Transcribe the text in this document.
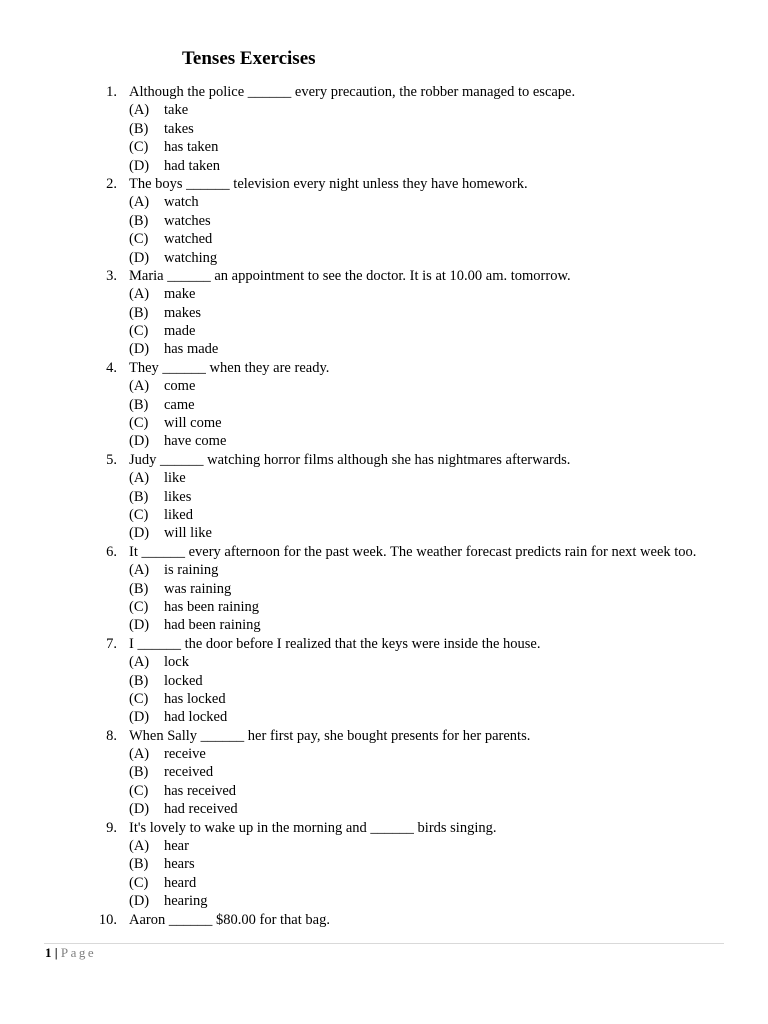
Tenses Exercises
1. Although the police ______ every precaution, the robber managed to escape.
(A) take
(B) takes
(C) has taken
(D) had taken
2. The boys ______ television every night unless they have homework.
(A) watch
(B) watches
(C) watched
(D) watching
3. Maria ______ an appointment to see the doctor. It is at 10.00 am. tomorrow.
(A) make
(B) makes
(C) made
(D) has made
4. They ______ when they are ready.
(A) come
(B) came
(C) will come
(D) have come
5. Judy ______ watching horror films although she has nightmares afterwards.
(A) like
(B) likes
(C) liked
(D) will like
6. It ______ every afternoon for the past week. The weather forecast predicts rain for next week too.
(A) is raining
(B) was raining
(C) has been raining
(D) had been raining
7. I ______ the door before I realized that the keys were inside the house.
(A) lock
(B) locked
(C) has locked
(D) had locked
8. When Sally ______ her first pay, she bought presents for her parents.
(A) receive
(B) received
(C) has received
(D) had received
9. It's lovely to wake up in the morning and ______ birds singing.
(A) hear
(B) hears
(C) heard
(D) hearing
10. Aaron ______ $80.00 for that bag.
1 | Page
